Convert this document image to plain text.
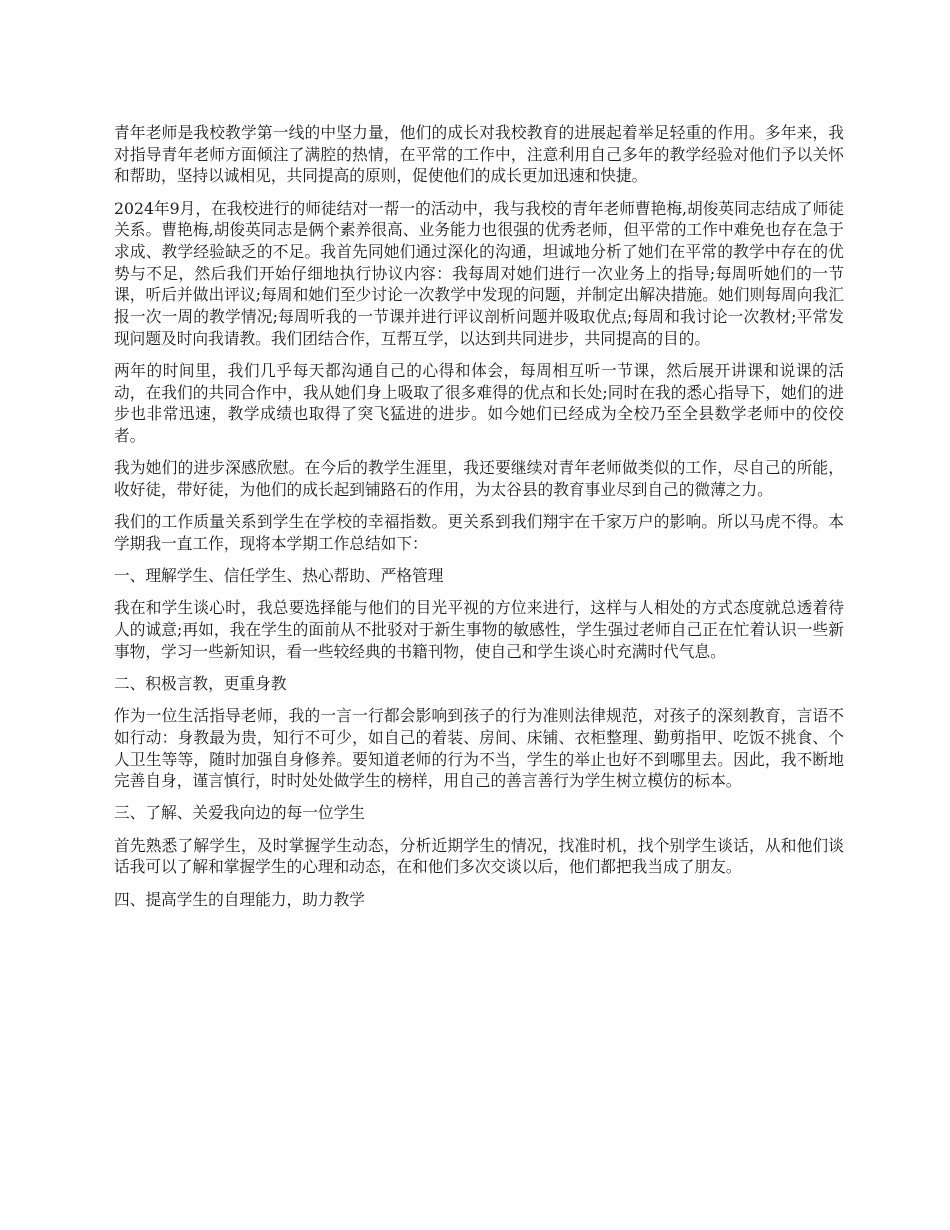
青年老师是我校教学第一线的中坚力量，他们的成长对我校教育的进展起着举足轻重的作用。多年来，我对指导青年老师方面倾注了满腔的热情，在平常的工作中，注意利用自己多年的教学经验对他们予以关怀和帮助，坚持以诚相见，共同提高的原则，促使他们的成长更加迅速和快捷。

2024年9月，在我校进行的师徒结对一帮一的活动中，我与我校的青年老师曹艳梅,胡俊英同志结成了师徒关系。曹艳梅,胡俊英同志是俩个素养很高、业务能力也很强的优秀老师，但平常的工作中难免也存在急于求成、教学经验缺乏的不足。我首先同她们通过深化的沟通，坦诚地分析了她们在平常的教学中存在的优势与不足，然后我们开始仔细地执行协议内容：我每周对她们进行一次业务上的指导;每周听她们的一节课，听后并做出评议;每周和她们至少讨论一次教学中发现的问题，并制定出解决措施。她们则每周向我汇报一次一周的教学情况;每周听我的一节课并进行评议剖析问题并吸取优点;每周和我讨论一次教材;平常发现问题及时向我请教。我们团结合作，互帮互学，以达到共同进步，共同提高的目的。

两年的时间里，我们几乎每天都沟通自己的心得和体会，每周相互听一节课，然后展开讲课和说课的活动，在我们的共同合作中，我从她们身上吸取了很多难得的优点和长处;同时在我的悉心指导下，她们的进步也非常迅速，教学成绩也取得了突飞猛进的进步。如今她们已经成为全校乃至全县数学老师中的佼佼者。

我为她们的进步深感欣慰。在今后的教学生涯里，我还要继续对青年老师做类似的工作，尽自己的所能，收好徒，带好徒，为他们的成长起到铺路石的作用，为太谷县的教育事业尽到自己的微薄之力。

我们的工作质量关系到学生在学校的幸福指数。更关系到我们翔宇在千家万户的影响。所以马虎不得。本学期我一直工作，现将本学期工作总结如下：

一、理解学生、信任学生、热心帮助、严格管理

我在和学生谈心时，我总要选择能与他们的目光平视的方位来进行，这样与人相处的方式态度就总透着待人的诚意;再如，我在学生的面前从不批驳对于新生事物的敏感性，学生强过老师自己正在忙着认识一些新事物，学习一些新知识，看一些较经典的书籍刊物，使自己和学生谈心时充满时代气息。

二、积极言教，更重身教

作为一位生活指导老师，我的一言一行都会影响到孩子的行为准则法律规范，对孩子的深刻教育，言语不如行动：身教最为贵，知行不可少，如自己的着装、房间、床铺、衣柜整理、勤剪指甲、吃饭不挑食、个人卫生等等，随时加强自身修养。要知道老师的行为不当，学生的举止也好不到哪里去。因此，我不断地完善自身，谨言慎行，时时处处做学生的榜样，用自己的善言善行为学生树立模仿的标本。

三、了解、关爱我向边的每一位学生

首先熟悉了解学生，及时掌握学生动态，分析近期学生的情况，找准时机，找个别学生谈话，从和他们谈话我可以了解和掌握学生的心理和动态，在和他们多次交谈以后，他们都把我当成了朋友。

四、提高学生的自理能力，助力教学
